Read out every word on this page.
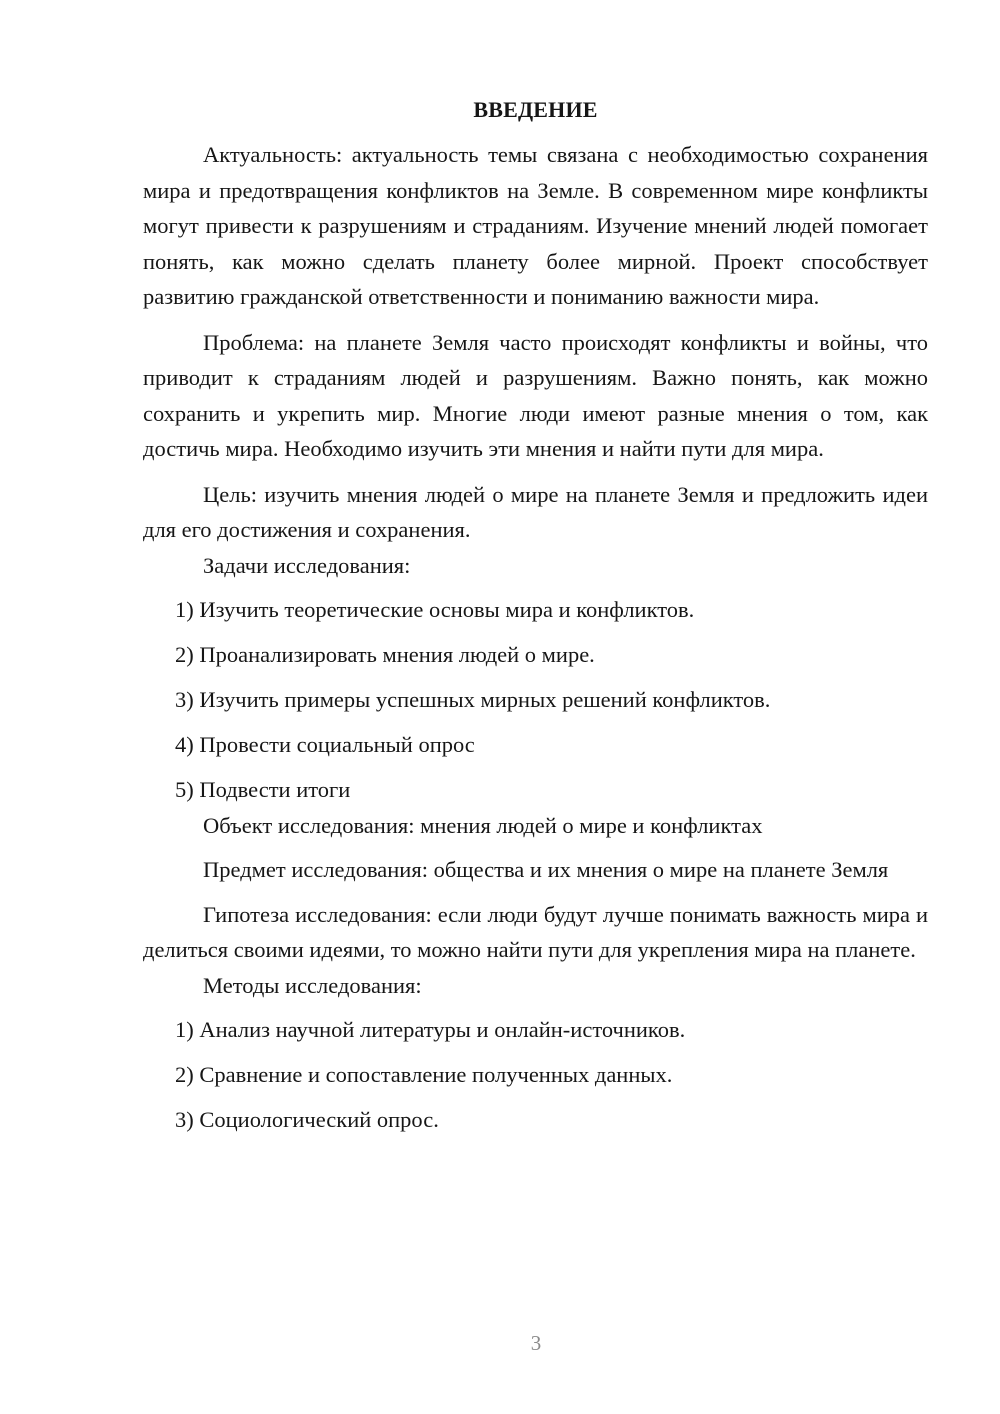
ВВЕДЕНИЕ

Актуальность: актуальность темы связана с необходимостью сохранения мира и предотвращения конфликтов на Земле. В современном мире конфликты могут привести к разрушениям и страданиям. Изучение мнений людей помогает понять, как можно сделать планету более мирной. Проект способствует развитию гражданской ответственности и пониманию важности мира.

Проблема: на планете Земля часто происходят конфликты и войны, что приводит к страданиям людей и разрушениям. Важно понять, как можно сохранить и укрепить мир. Многие люди имеют разные мнения о том, как достичь мира. Необходимо изучить эти мнения и найти пути для мира.

Цель: изучить мнения людей о мире на планете Земля и предложить идеи для его достижения и сохранения.

Задачи исследования:
1) Изучить теоретические основы мира и конфликтов.
2) Проанализировать мнения людей о мире.
3) Изучить примеры успешных мирных решений конфликтов.
4) Провести социальный опрос
5) Подвести итоги
Объект исследования: мнения людей о мире и конфликтах

Предмет исследования: общества и их мнения о мире на планете Земля

Гипотеза исследования: если люди будут лучше понимать важность мира и делиться своими идеями, то можно найти пути для укрепления мира на планете.

Методы исследования:
1) Анализ научной литературы и онлайн-источников.
2) Сравнение и сопоставление полученных данных.
3) Социологический опрос.
3
